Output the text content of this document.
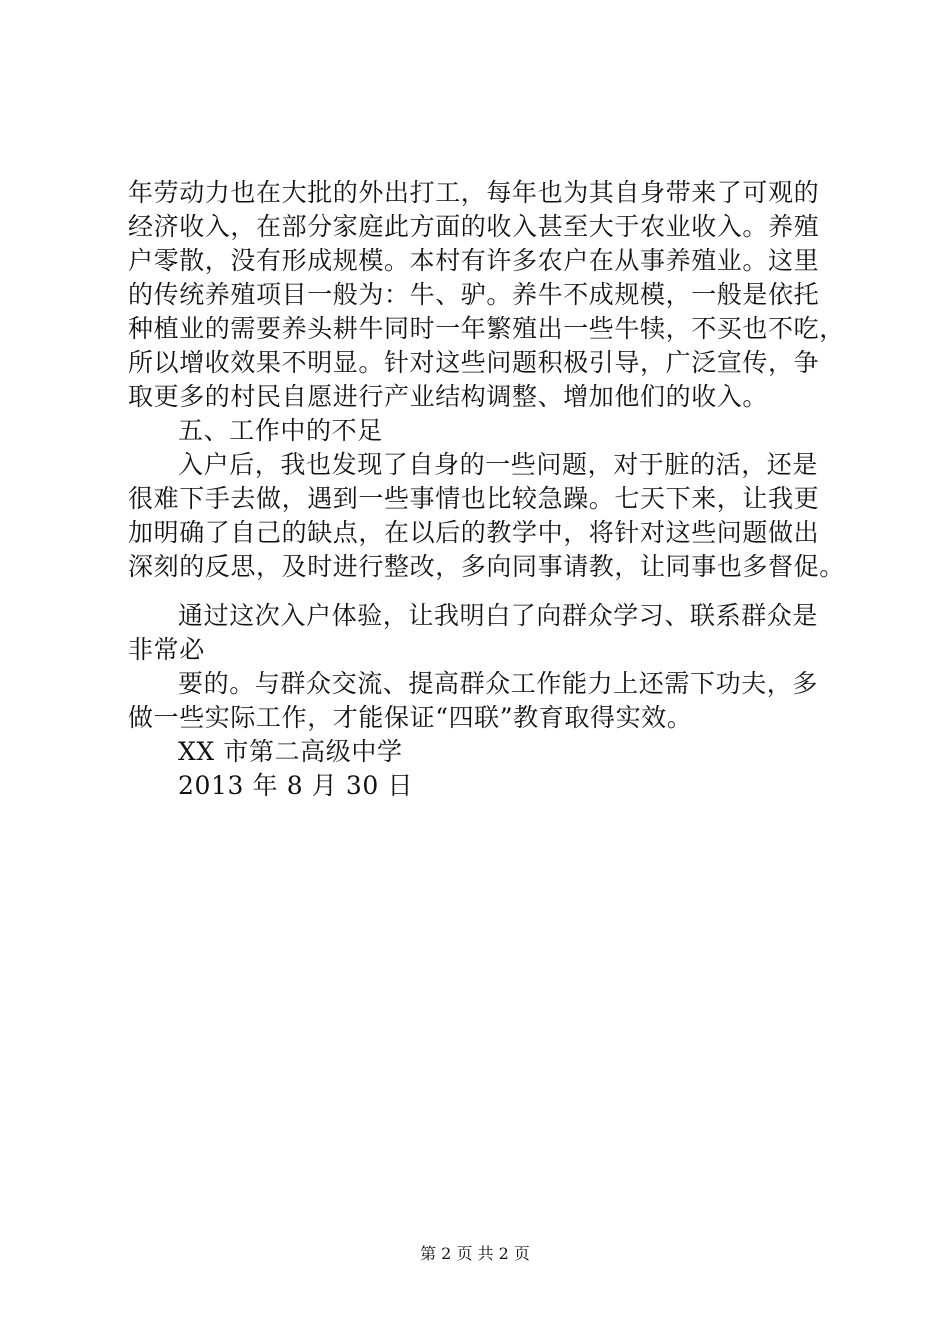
年劳动力也在大批的外出打工，每年也为其自身带来了可观的
经济收入，在部分家庭此方面的收入甚至大于农业收入。养殖
户零散，没有形成规模。本村有许多农户在从事养殖业。这里
的传统养殖项目一般为：牛、驴。养牛不成规模，一般是依托
种植业的需要养头耕牛同时一年繁殖出一些牛犊，不买也不吃，
所以增收效果不明显。针对这些问题积极引导，广泛宣传，争
取更多的村民自愿进行产业结构调整、增加他们的收入。
五、工作中的不足
入户后，我也发现了自身的一些问题，对于脏的活，还是
很难下手去做，遇到一些事情也比较急躁。七天下来，让我更
加明确了自己的缺点，在以后的教学中，将针对这些问题做出
深刻的反思，及时进行整改，多向同事请教，让同事也多督促。
通过这次入户体验，让我明白了向群众学习、联系群众是
非常必
要的。与群众交流、提高群众工作能力上还需下功夫，多
做一些实际工作，才能保证“四联”教育取得实效。
XX 市第二高级中学
2013 年 8 月 30 日
第 2 页 共 2 页
